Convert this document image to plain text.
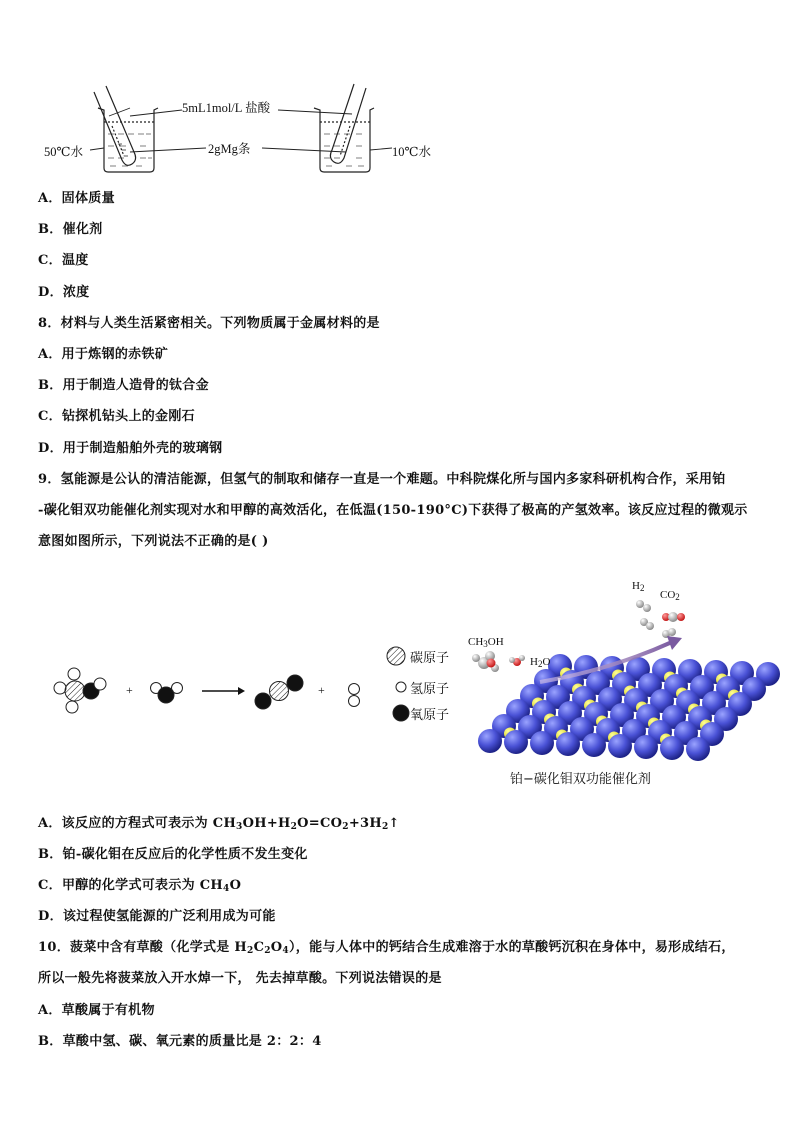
5mL1mol/L 盐酸
2gMg条
50℃水	10℃水
A．固体质量
B．催化剂
C．温度
D．浓度
8．材料与人类生活紧密相关。下列物质属于金属材料的是
A．用于炼钢的赤铁矿
B．用于制造人造骨的钛合金
C．钻探机钻头上的金刚石
D．用于制造船舶外壳的玻璃钢
9．氢能源是公认的清洁能源，但氢气的制取和储存一直是一个难题。中科院煤化所与国内多家科研机构合作，采用铂
-碳化钼双功能催化剂实现对水和甲醇的高效活化，在低温(150-190°C)下获得了极高的产氢效率。该反应过程的微观示
意图如图所示，下列说法不正确的是( )
+	+
碳原子
氢原子
氧原子
$H_2$
$CO_2$
$CH_3OH$
$H_2O$
铂−碳化钼双功能催化剂
A．该反应的方程式可表示为 $CH_3OH+H_2O=CO_2+3H_2↑$
B．铂-碳化钼在反应后的化学性质不发生变化
C．甲醇的化学式可表示为 $CH_4O$
D．该过程使氢能源的广泛利用成为可能
10．菠菜中含有草酸（化学式是 $H_2C_2O_4$），能与人体中的钙结合生成难溶于水的草酸钙沉积在身体中，易形成结石，
所以一般先将菠菜放入开水焯一下， 先去掉草酸。下列说法错误的是
A．草酸属于有机物
B．草酸中氢、碳、氧元素的质量比是 2：2：4
